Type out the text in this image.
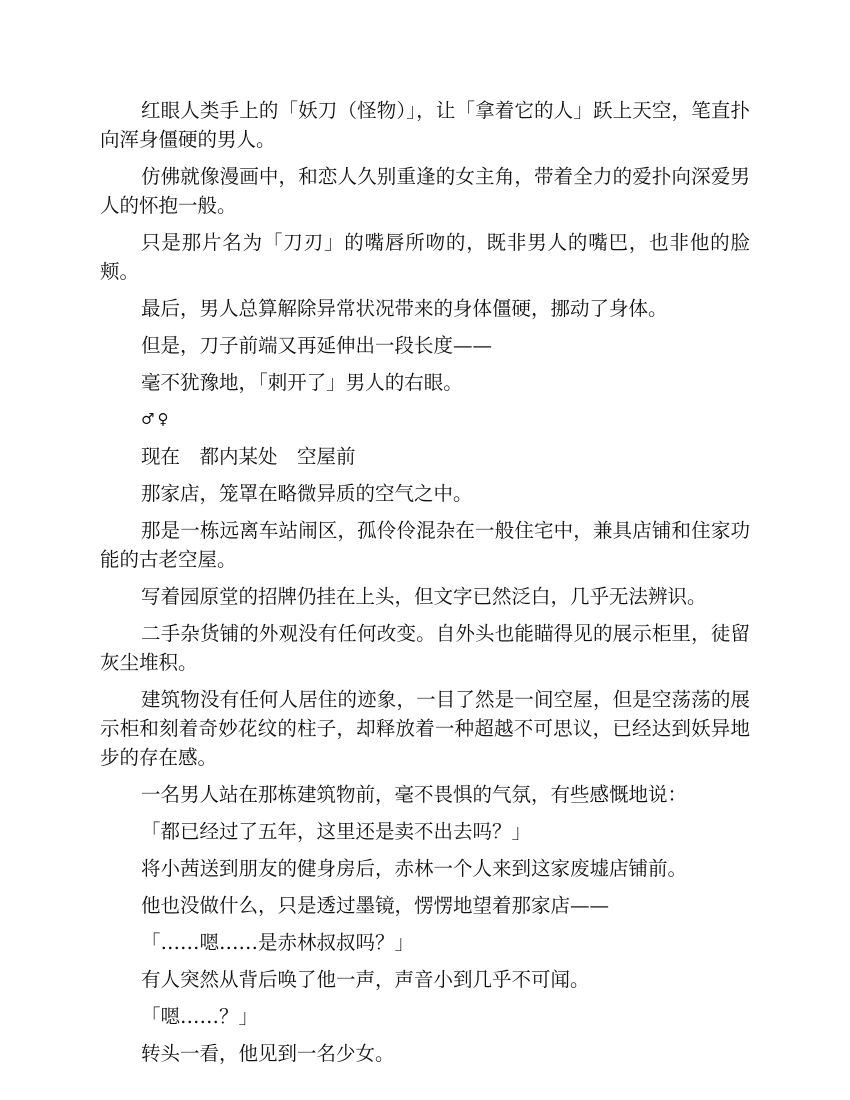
红眼人类手上的「妖刀（怪物）」，让「拿着它的人」跃上天空，笔直扑向浑身僵硬的男人。

仿佛就像漫画中，和恋人久别重逢的女主角，带着全力的爱扑向深爱男人的怀抱一般。

只是那片名为「刀刃」的嘴唇所吻的，既非男人的嘴巴，也非他的脸颊。

最后，男人总算解除异常状况带来的身体僵硬，挪动了身体。

但是，刀子前端又再延伸出一段长度——

毫不犹豫地，「刺开了」男人的右眼。

♂♀

现在　都内某处　空屋前

那家店，笼罩在略微异质的空气之中。

那是一栋远离车站闹区，孤伶伶混杂在一般住宅中，兼具店铺和住家功能的古老空屋。

写着园原堂的招牌仍挂在上头，但文字已然泛白，几乎无法辨识。

二手杂货铺的外观没有任何改变。自外头也能瞄得见的展示柜里，徒留灰尘堆积。

建筑物没有任何人居住的迹象，一目了然是一间空屋，但是空荡荡的展示柜和刻着奇妙花纹的柱子，却释放着一种超越不可思议，已经达到妖异地步的存在感。

一名男人站在那栋建筑物前，毫不畏惧的气氛，有些感慨地说：

「都已经过了五年，这里还是卖不出去吗？」

将小茜送到朋友的健身房后，赤林一个人来到这家废墟店铺前。

他也没做什么，只是透过墨镜，愣愣地望着那家店——

「……嗯……是赤林叔叔吗？」

有人突然从背后唤了他一声，声音小到几乎不可闻。

「嗯……？」

转头一看，他见到一名少女。
